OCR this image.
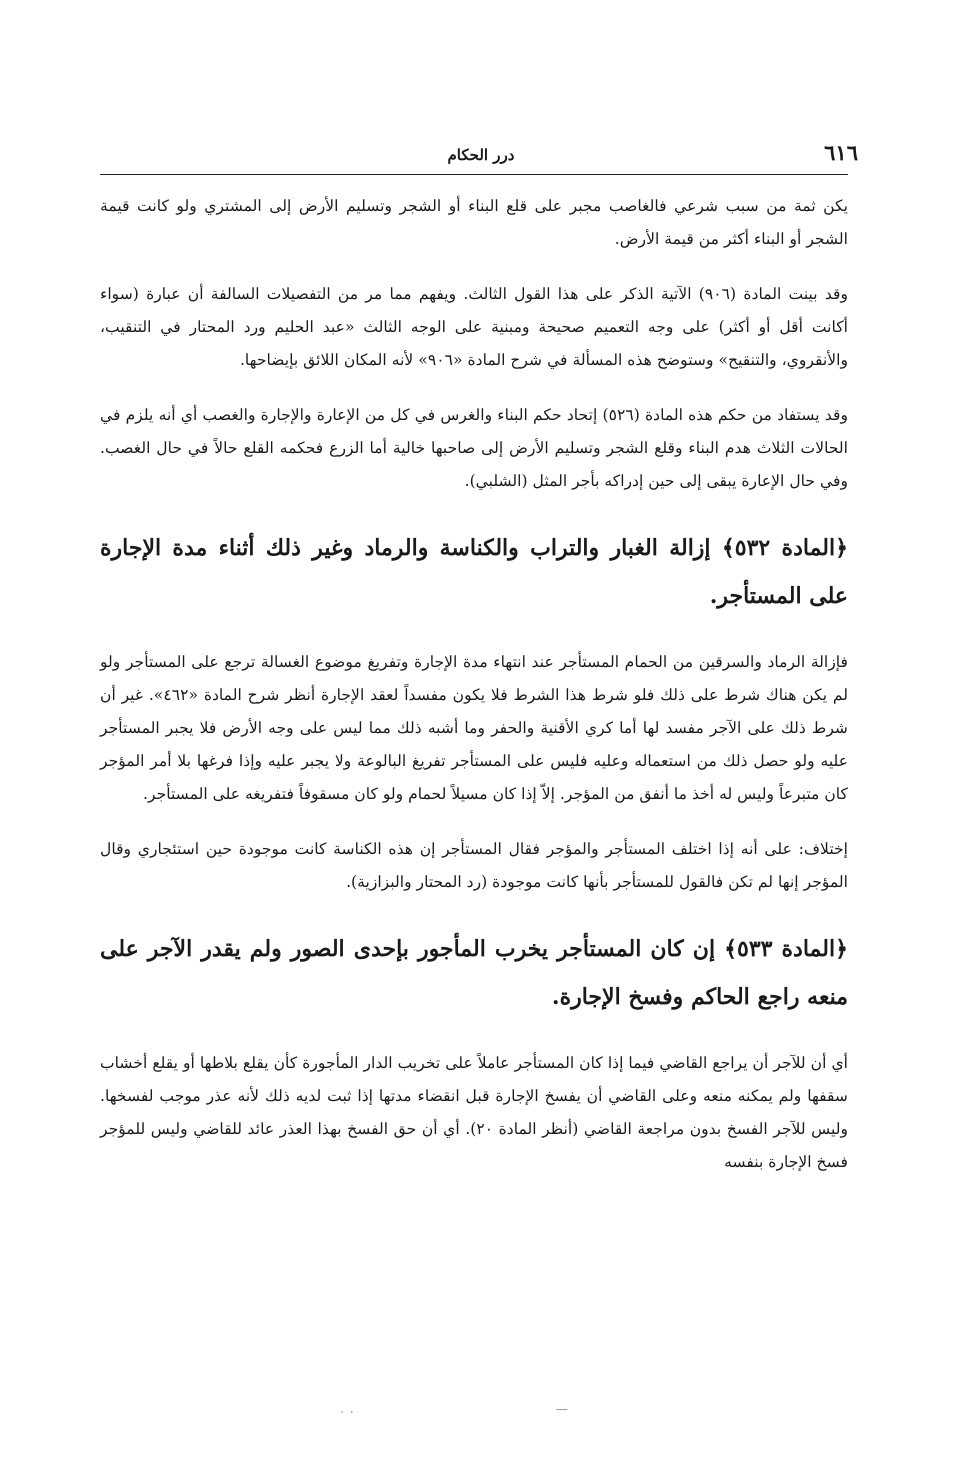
٦١٦
درر الحكام

يكن ثمة من سبب شرعي فالغاصب مجبر على قلع البناء أو الشجر وتسليم الأرض إلى المشتري ولو كانت قيمة الشجر أو البناء أكثر من قيمة الأرض.

وقد بينت المادة (٩٠٦) الآتية الذكر على هذا القول الثالث. ويفهم مما مر من التفصيلات السالفة أن عبارة (سواء أكانت أقل أو أكثر) على وجه التعميم صحيحة ومبنية على الوجه الثالث «عبد الحليم ورد المحتار في التنقيب، والأنقروي، والتنقيح» وستوضح هذه المسألة في شرح المادة «٩٠٦» لأنه المكان اللائق بإيضاحها.

وقد يستفاد من حكم هذه المادة (٥٢٦) إتحاد حكم البناء والغرس في كل من الإعارة والإجارة والغصب أي أنه يلزم في الحالات الثلاث هدم البناء وقلع الشجر وتسليم الأرض إلى صاحبها خالية أما الزرع فحكمه القلع حالاً في حال الغصب. وفي حال الإعارة يبقى إلى حين إدراكه بأجر المثل (الشلبي).

﴿المادة ٥٣٢﴾ إزالة الغبار والتراب والكناسة والرماد وغير ذلك أثناء مدة الإجارة على المستأجر.

فإزالة الرماد والسرقين من الحمام المستأجر عند انتهاء مدة الإجارة وتفريغ موضوع الغسالة ترجع على المستأجر ولو لم يكن هناك شرط على ذلك فلو شرط هذا الشرط فلا يكون مفسداً لعقد الإجارة أنظر شرح المادة «٤٦٢». غير أن شرط ذلك على الآجر مفسد لها أما كري الأقنية والحفر وما أشبه ذلك مما ليس على وجه الأرض فلا يجبر المستأجر عليه ولو حصل ذلك من استعماله وعليه فليس على المستأجر تفريغ البالوعة ولا يجبر عليه وإذا فرغها بلا أمر المؤجر كان متبرعاً وليس له أخذ ما أنفق من المؤجر. إلاّ إذا كان مسيلاً لحمام ولو كان مسقوفاً فتفريغه على المستأجر.

إختلاف: على أنه إذا اختلف المستأجر والمؤجر فقال المستأجر إن هذه الكناسة كانت موجودة حين استئجاري وقال المؤجر إنها لم تكن فالقول للمستأجر بأنها كانت موجودة (رد المحتار والبزازية).

﴿المادة ٥٣٣﴾ إن كان المستأجر يخرب المأجور بإحدى الصور ولم يقدر الآجر على منعه راجع الحاكم وفسخ الإجارة.

أي أن للآجر أن يراجع القاضي فيما إذا كان المستأجر عاملاً على تخريب الدار المأجورة كأن يقلع بلاطها أو يقلع أخشاب سقفها ولم يمكنه منعه وعلى القاضي أن يفسخ الإجارة قبل انقضاء مدتها إذا ثبت لديه ذلك لأنه عذر موجب لفسخها. وليس للآجر الفسخ بدون مراجعة القاضي (أنظر المادة ٢٠). أي أن حق الفسخ بهذا العذر عائد للقاضي وليس للمؤجر فسخ الإجارة بنفسه

—                    ..
